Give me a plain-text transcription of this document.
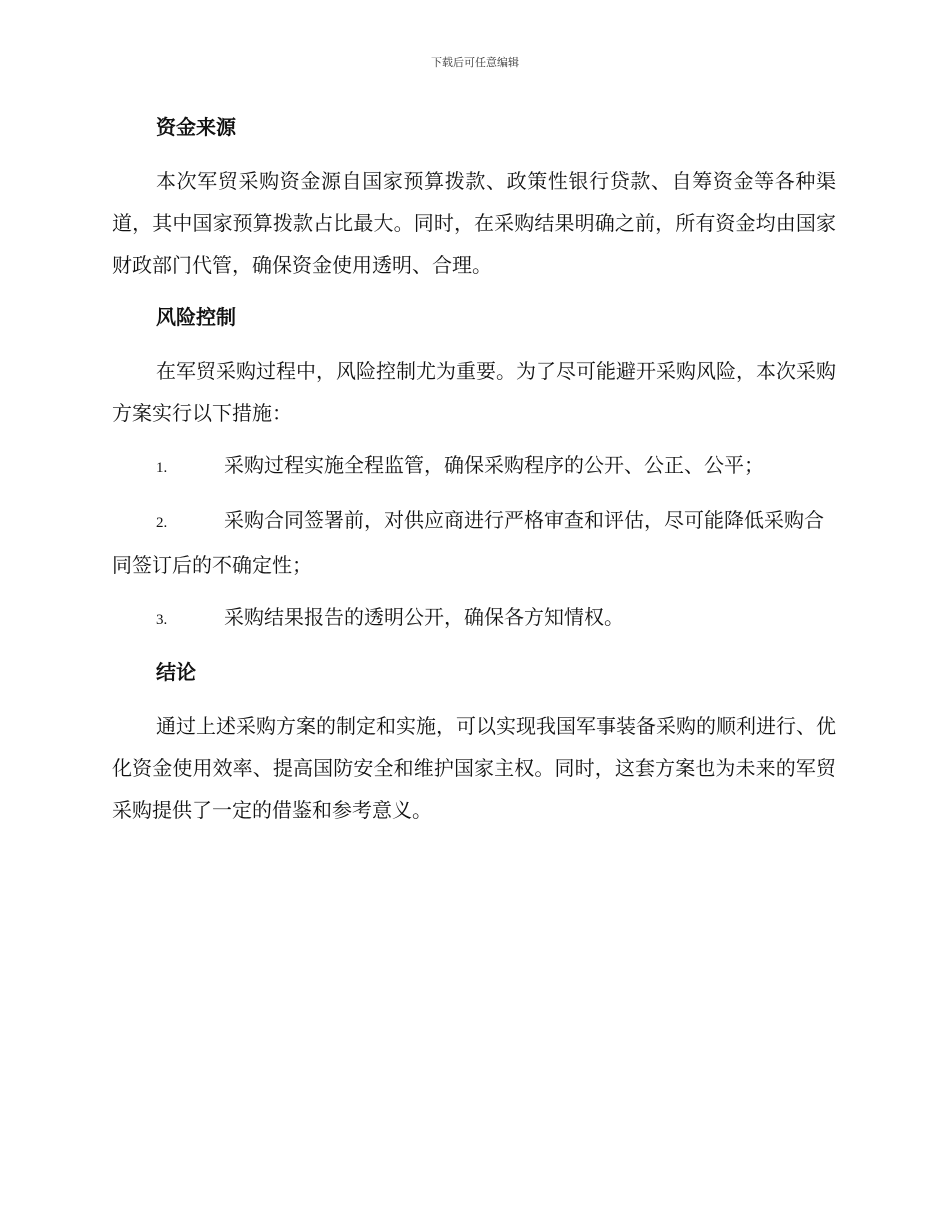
下载后可任意编辑
资金来源

本次军贸采购资金源自国家预算拨款、政策性银行贷款、自筹资金等各种渠道，其中国家预算拨款占比最大。同时，在采购结果明确之前，所有资金均由国家财政部门代管，确保资金使用透明、合理。

风险控制

在军贸采购过程中，风险控制尤为重要。为了尽可能避开采购风险，本次采购方案实行以下措施：

1.	采购过程实施全程监管，确保采购程序的公开、公正、公平；
2.	采购合同签署前，对供应商进行严格审查和评估，尽可能降低采购合同签订后的不确定性；
3.	采购结果报告的透明公开，确保各方知情权。
结论

通过上述采购方案的制定和实施，可以实现我国军事装备采购的顺利进行、优化资金使用效率、提高国防安全和维护国家主权。同时，这套方案也为未来的军贸采购提供了一定的借鉴和参考意义。
